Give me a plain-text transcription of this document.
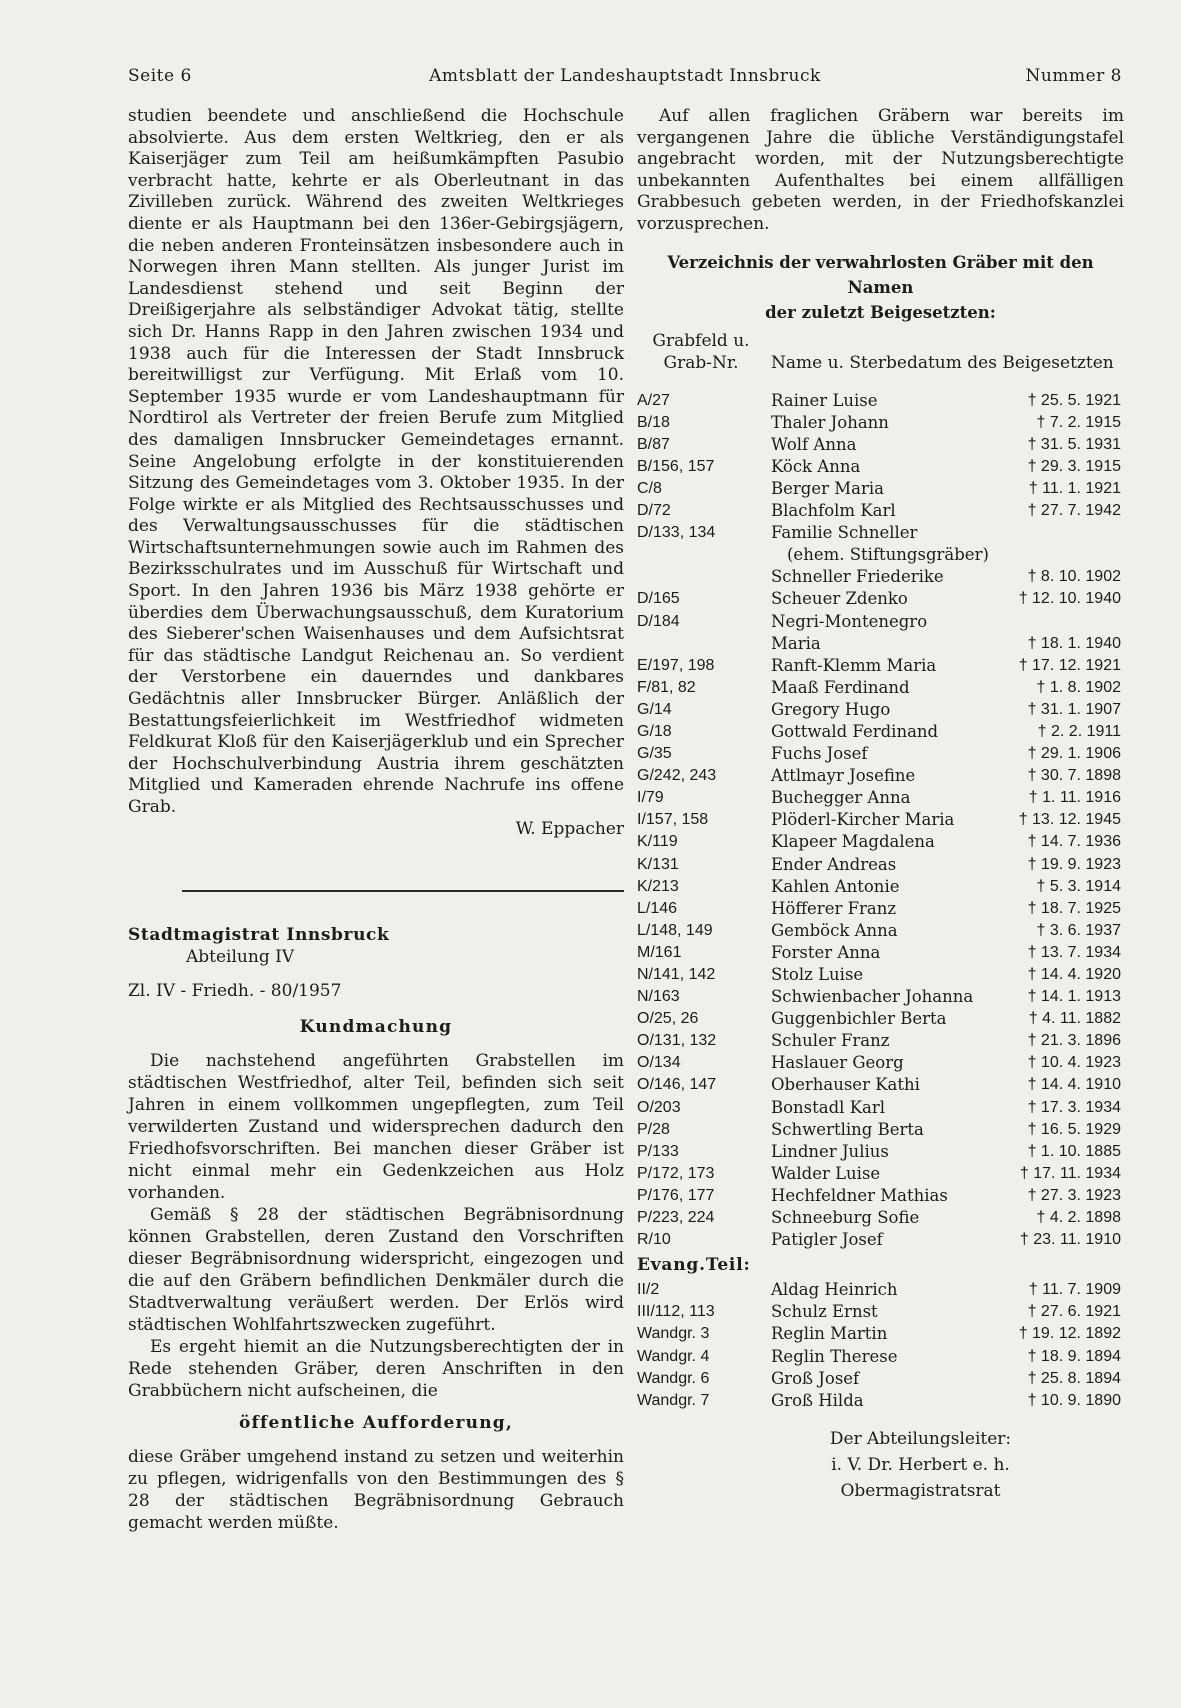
Amtsblatt der Landeshauptstadt Innsbruck
Seite 6	Nummer 8

studien beendete und anschließend die Hochschule absolvierte. Aus dem ersten Weltkrieg, den er als Kaiserjäger zum Teil am heißumkämpften Pasubio verbracht hatte, kehrte er als Oberleutnant in das Zivilleben zurück. Während des zweiten Weltkrieges diente er als Hauptmann bei den 136er-Gebirgsjägern, die neben anderen Fronteinsätzen insbesondere auch in Norwegen ihren Mann stellten. Als junger Jurist im Landesdienst stehend und seit Beginn der Dreißigerjahre als selbständiger Advokat tätig, stellte sich Dr. Hanns Rapp in den Jahren zwischen 1934 und 1938 auch für die Interessen der Stadt Innsbruck bereitwilligst zur Verfügung. Mit Erlaß vom 10. September 1935 wurde er vom Landeshauptmann für Nordtirol als Vertreter der freien Berufe zum Mitglied des damaligen Innsbrucker Gemeindetages ernannt. Seine Angelobung erfolgte in der konstituierenden Sitzung des Gemeindetages vom 3. Oktober 1935. In der Folge wirkte er als Mitglied des Rechtsausschusses und des Verwaltungsausschusses für die städtischen Wirtschaftsunternehmungen sowie auch im Rahmen des Bezirksschulrates und im Ausschuß für Wirtschaft und Sport. In den Jahren 1936 bis März 1938 gehörte er überdies dem Überwachungsausschuß, dem Kuratorium des Sieberer'schen Waisenhauses und dem Aufsichtsrat für das städtische Landgut Reichenau an. So verdient der Verstorbene ein dauerndes und dankbares Gedächtnis aller Innsbrucker Bürger. Anläßlich der Bestattungsfeierlichkeit im Westfriedhof widmeten Feldkurat Kloß für den Kaiserjägerklub und ein Sprecher der Hochschulverbindung Austria ihrem geschätzten Mitglied und Kameraden ehrende Nachrufe ins offene Grab.

W. Eppacher

Stadtmagistrat Innsbruck

Abteilung IV

Zl. IV - Friedh. - 80/1957

Kundmachung

Die nachstehend angeführten Grabstellen im städtischen Westfriedhof, alter Teil, befinden sich seit Jahren in einem vollkommen ungepflegten, zum Teil verwilderten Zustand und widersprechen dadurch den Friedhofsvorschriften. Bei manchen dieser Gräber ist nicht einmal mehr ein Gedenkzeichen aus Holz vorhanden.

Gemäß § 28 der städtischen Begräbnisordnung können Grabstellen, deren Zustand den Vorschriften dieser Begräbnisordnung widerspricht, eingezogen und die auf den Gräbern befindlichen Denkmäler durch die Stadtverwaltung veräußert werden. Der Erlös wird städtischen Wohlfahrtszwecken zugeführt.

Es ergeht hiemit an die Nutzungsberechtigten der in Rede stehenden Gräber, deren Anschriften in den Grabbüchern nicht aufscheinen, die

öffentliche Aufforderung,

diese Gräber umgehend instand zu setzen und weiterhin zu pflegen, widrigenfalls von den Bestimmungen des § 28 der städtischen Begräbnisordnung Gebrauch gemacht werden müßte.

Auf allen fraglichen Gräbern war bereits im vergangenen Jahre die übliche Verständigungstafel angebracht worden, mit der Nutzungsberechtigte unbekannten Aufenthaltes bei einem allfälligen Grabbesuch gebeten werden, in der Friedhofskanzlei vorzusprechen.

Verzeichnis der verwahrlosten Gräber mit den Namen
der zuletzt Beigesetzten:

Grabfeld u.
Grab-Nr.	Name u. Sterbedatum des Beigesetzten
A/27	Rainer Luise	† 25. 5. 1921
B/18	Thaler Johann	† 7. 2. 1915
B/87	Wolf Anna	† 31. 5. 1931
B/156, 157	Köck Anna	† 29. 3. 1915
C/8	Berger Maria	† 11. 1. 1921
D/72	Blachfolm Karl	† 27. 7. 1942
D/133, 134	Familie Schneller
(ehem. Stiftungsgräber)
Schneller Friederike	† 8. 10. 1902
D/165	Scheuer Zdenko	† 12. 10. 1940
D/184	Negri-Montenegro
Maria	† 18. 1. 1940
E/197, 198	Ranft-Klemm Maria	† 17. 12. 1921
F/81, 82	Maaß Ferdinand	† 1. 8. 1902
G/14	Gregory Hugo	† 31. 1. 1907
G/18	Gottwald Ferdinand	† 2. 2. 1911
G/35	Fuchs Josef	† 29. 1. 1906
G/242, 243	Attlmayr Josefine	† 30. 7. 1898
I/79	Buchegger Anna	† 1. 11. 1916
I/157, 158	Plöderl-Kircher Maria	† 13. 12. 1945
K/119	Klapeer Magdalena	† 14. 7. 1936
K/131	Ender Andreas	† 19. 9. 1923
K/213	Kahlen Antonie	† 5. 3. 1914
L/146	Höfferer Franz	† 18. 7. 1925
L/148, 149	Gemböck Anna	† 3. 6. 1937
M/161	Forster Anna	† 13. 7. 1934
N/141, 142	Stolz Luise	† 14. 4. 1920
N/163	Schwienbacher Johanna	† 14. 1. 1913
O/25, 26	Guggenbichler Berta	† 4. 11. 1882
O/131, 132	Schuler Franz	† 21. 3. 1896
O/134	Haslauer Georg	† 10. 4. 1923
O/146, 147	Oberhauser Kathi	† 14. 4. 1910
O/203	Bonstadl Karl	† 17. 3. 1934
P/28	Schwertling Berta	† 16. 5. 1929
P/133	Lindner Julius	† 1. 10. 1885
P/172, 173	Walder Luise	† 17. 11. 1934
P/176, 177	Hechfeldner Mathias	† 27. 3. 1923
P/223, 224	Schneeburg Sofie	† 4. 2. 1898
R/10	Patigler Josef	† 23. 11. 1910
Evang.Teil:
II/2	Aldag Heinrich	† 11. 7. 1909
III/112, 113	Schulz Ernst	† 27. 6. 1921
Wandgr. 3	Reglin Martin	† 19. 12. 1892
Wandgr. 4	Reglin Therese	† 18. 9. 1894
Wandgr. 6	Groß Josef	† 25. 8. 1894
Wandgr. 7	Groß Hilda	† 10. 9. 1890

Der Abteilungsleiter:

i. V. Dr. Herbert e. h.

Obermagistratsrat
